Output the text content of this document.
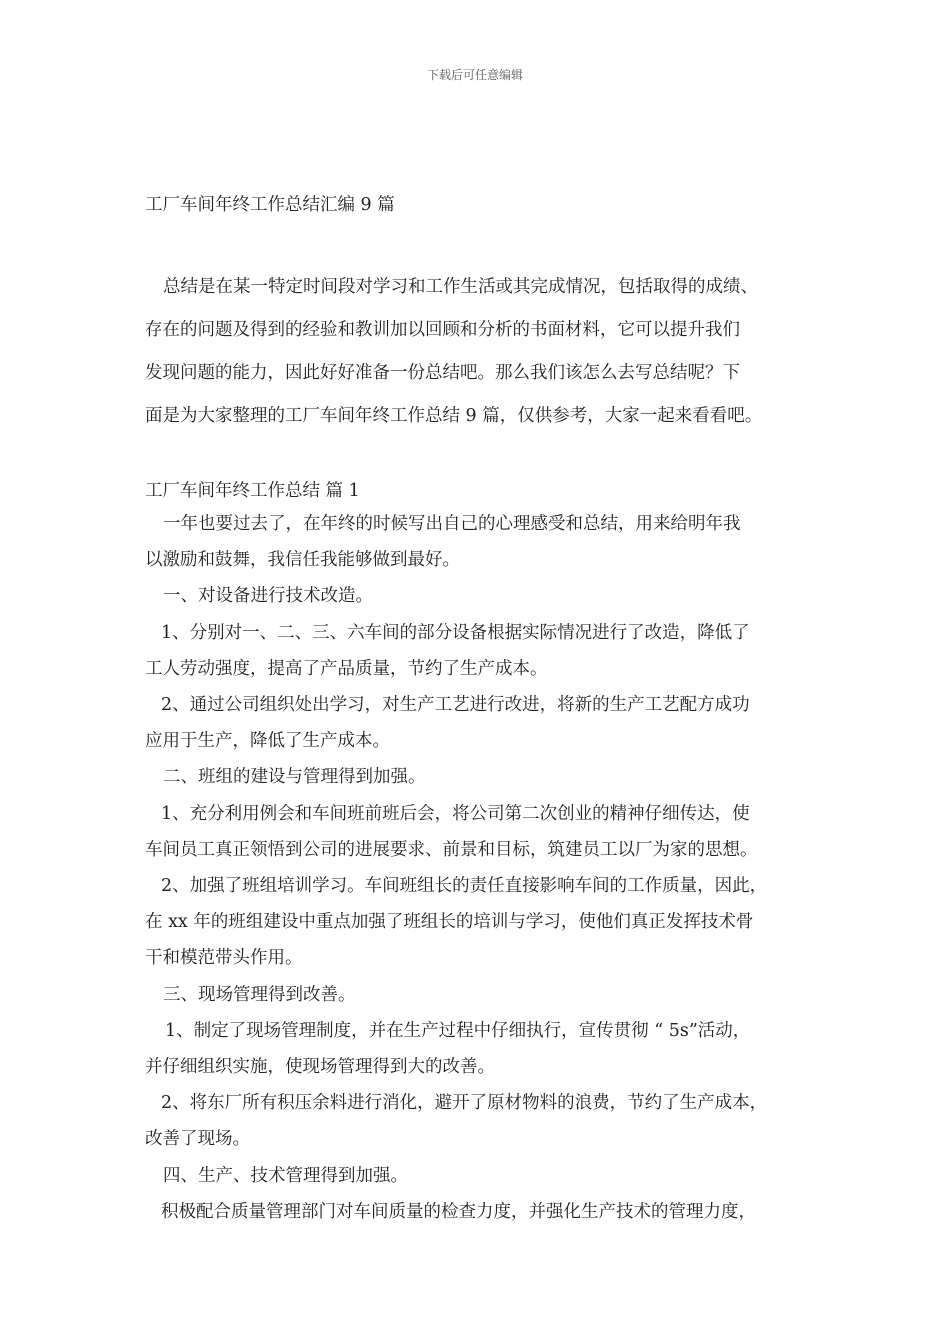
下载后可任意编辑
工厂车间年终工作总结汇编 9 篇
总结是在某一特定时间段对学习和工作生活或其完成情况，包括取得的成绩、
存在的问题及得到的经验和教训加以回顾和分析的书面材料，它可以提升我们
发现问题的能力，因此好好准备一份总结吧。那么我们该怎么去写总结呢？下
面是为大家整理的工厂车间年终工作总结 9 篇，仅供参考，大家一起来看看吧。
工厂车间年终工作总结 篇 1
一年也要过去了，在年终的时候写出自己的心理感受和总结，用来给明年我
以激励和鼓舞，我信任我能够做到最好。
一、对设备进行技术改造。
1、分别对一、二、三、六车间的部分设备根据实际情况进行了改造，降低了
工人劳动强度，提高了产品质量，节约了生产成本。
2、通过公司组织处出学习，对生产工艺进行改进，将新的生产工艺配方成功
应用于生产，降低了生产成本。
二、班组的建设与管理得到加强。
1、充分利用例会和车间班前班后会，将公司第二次创业的精神仔细传达，使
车间员工真正领悟到公司的进展要求、前景和目标，筑建员工以厂为家的思想。
2、加强了班组培训学习。车间班组长的责任直接影响车间的工作质量，因此，
在 xx 年的班组建设中重点加强了班组长的培训与学习，使他们真正发挥技术骨
干和模范带头作用。
三、现场管理得到改善。
1、制定了现场管理制度，并在生产过程中仔细执行，宣传贯彻 “ 5s”活动，
并仔细组织实施，使现场管理得到大的改善。
2、将东厂所有积压余料进行消化，避开了原材物料的浪费，节约了生产成本，
改善了现场。
四、生产、技术管理得到加强。
积极配合质量管理部门对车间质量的检查力度，并强化生产技术的管理力度，
